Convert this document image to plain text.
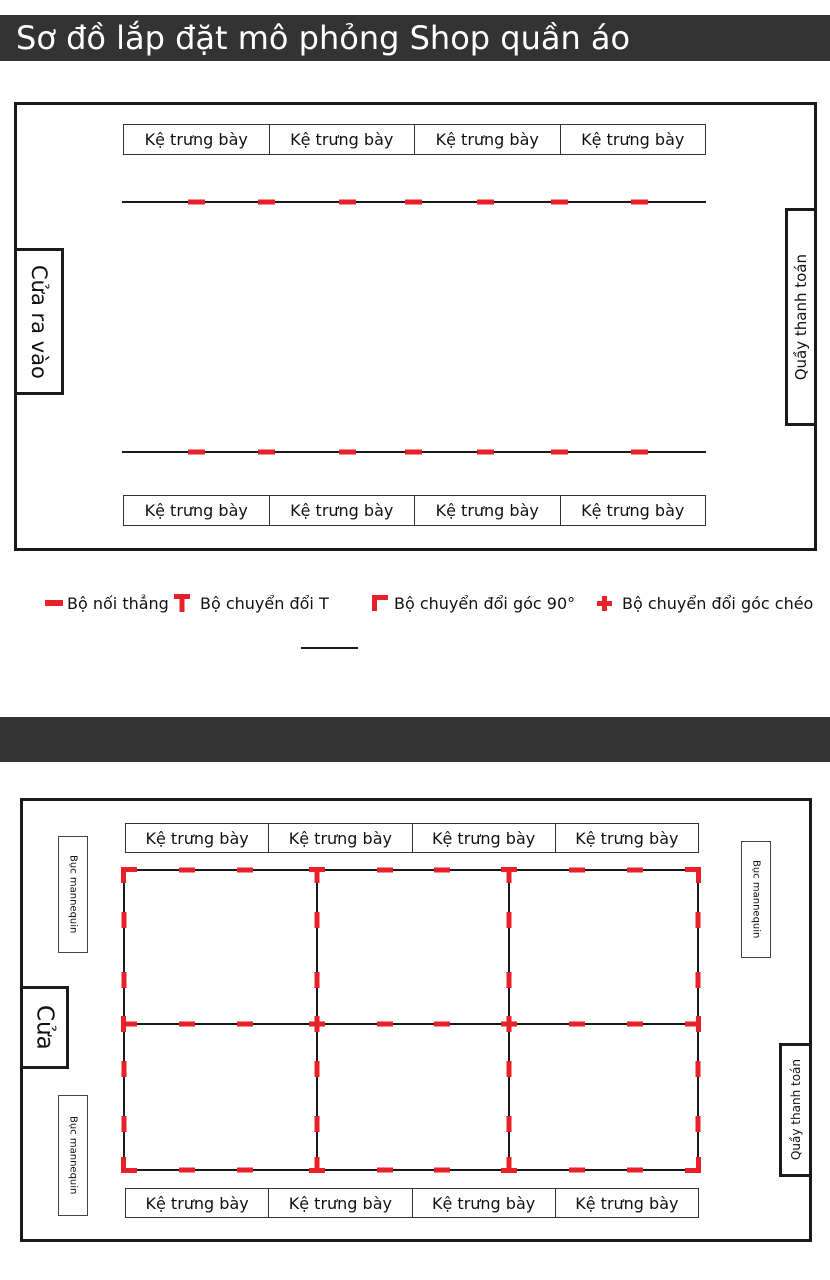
Sơ đồ lắp đặt mô phỏng Shop quần áo
Kệ trưng bày	Kệ trưng bày	Kệ trưng bày	Kệ trưng bày
Kệ trưng bày	Kệ trưng bày	Kệ trưng bày	Kệ trưng bày
Cửa ra vào	Quầy thanh toán
Bộ nối thẳng Bộ chuyển đổi T	Bộ chuyển đổi góc 90°	Bộ chuyển đổi góc chéo
Kệ trưng bày	Kệ trưng bày	Kệ trưng bày	Kệ trưng bày
Kệ trưng bày	Kệ trưng bày	Kệ trưng bày	Kệ trưng bày
Bục mannequin
Bục mannequin
Bục mannequin
Cửa
Quầy thanh toán
